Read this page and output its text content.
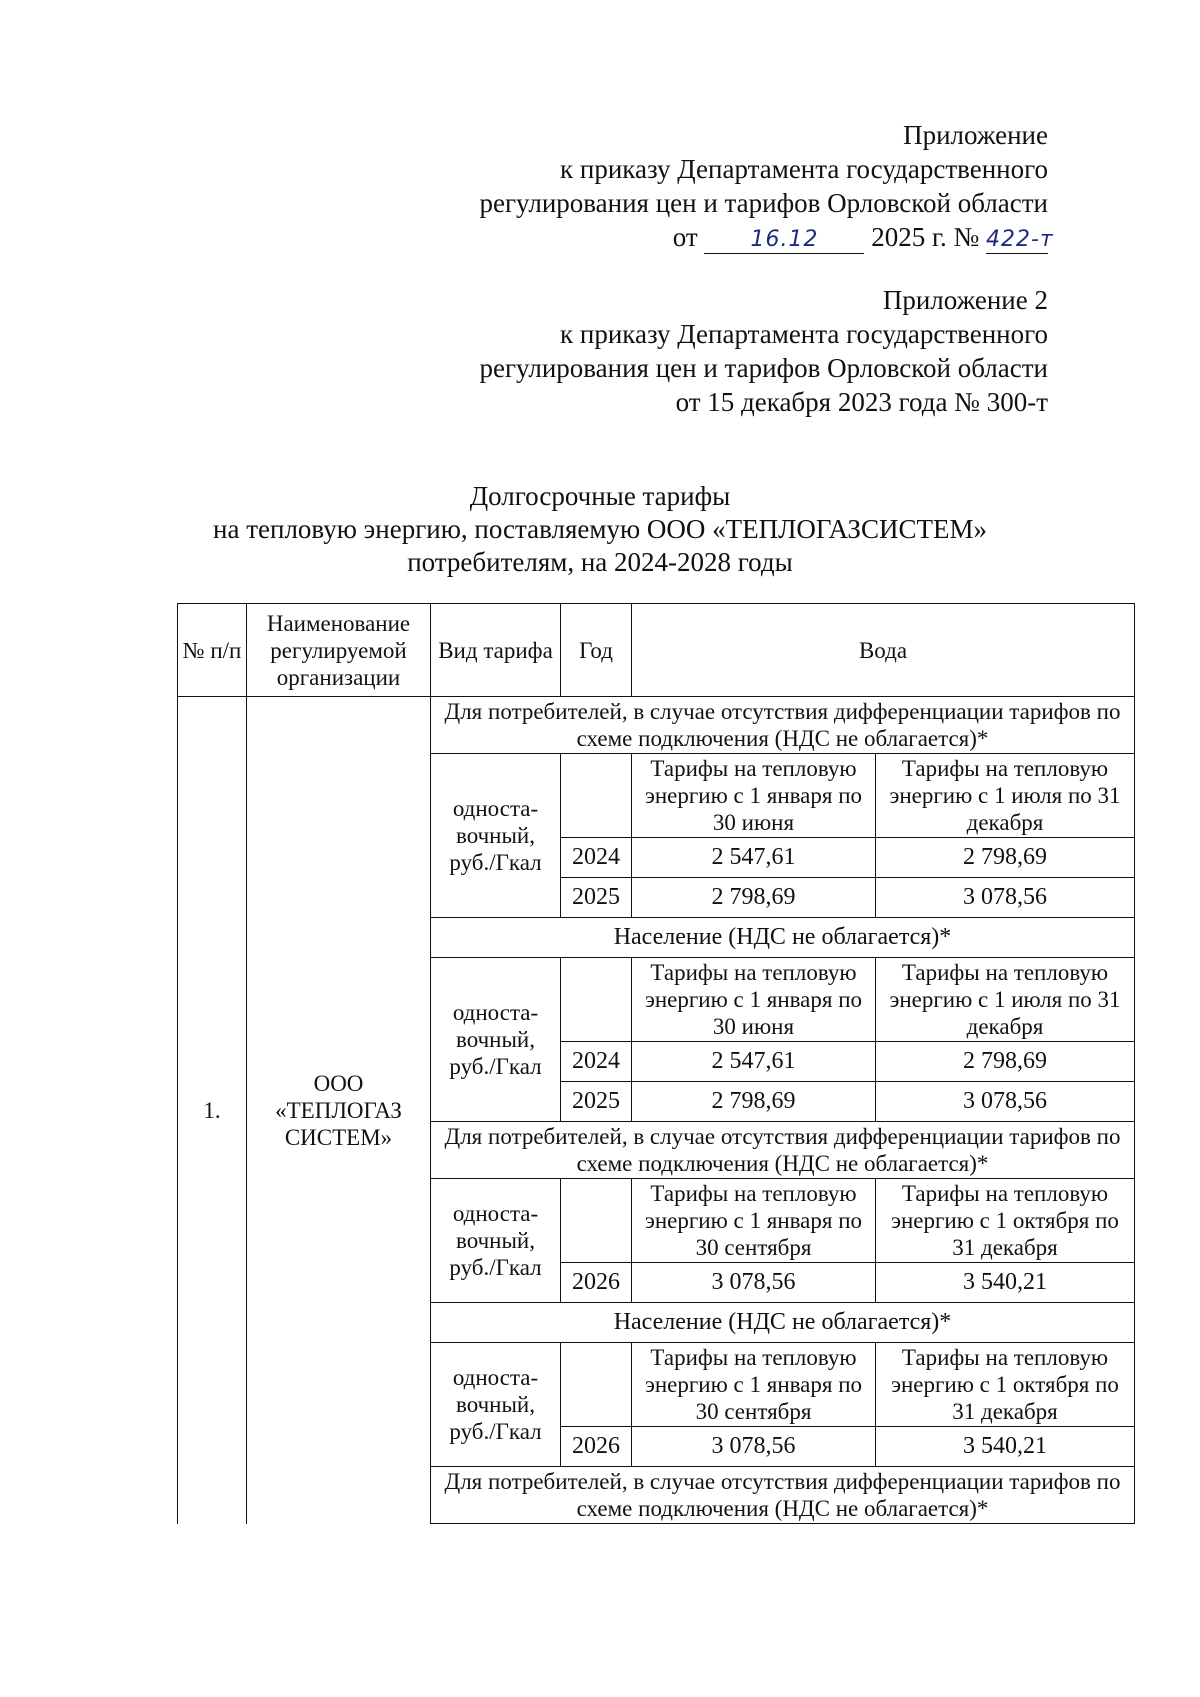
Приложение
к приказу Департамента государственного
регулирования цен и тарифов Орловской области
от 16.12 2025 г. № 422-т
Приложение 2
к приказу Департамента государственного
регулирования цен и тарифов Орловской области
от 15 декабря 2023 года № 300-т
Долгосрочные тарифы
на тепловую энергию, поставляемую ООО «ТЕПЛОГАЗСИСТЕМ»
потребителям, на 2024-2028 годы
№ п/п	Наименование регулируемой организации	Вид тарифа	Год	Вода	
1.	ООО «ТЕПЛОГАЗ СИСТЕМ»	Для потребителей, в случае отсутствия дифференциации тарифов по схеме подключения (НДС не облагается)*			
		односта-вочный, руб./Гкал		Тарифы на тепловую энергию с 1 января по 30 июня	Тарифы на тепловую энергию с 1 июля по 31 декабря
			2024	2 547,61	2 798,69
			2025	2 798,69	3 078,56
		Население (НДС не облагается)*			
		односта-вочный, руб./Гкал		Тарифы на тепловую энергию с 1 января по 30 июня	Тарифы на тепловую энергию с 1 июля по 31 декабря
			2024	2 547,61	2 798,69
			2025	2 798,69	3 078,56
		Для потребителей, в случае отсутствия дифференциации тарифов по схеме подключения (НДС не облагается)*			
		односта-вочный, руб./Гкал		Тарифы на тепловую энергию с 1 января по 30 сентября	Тарифы на тепловую энергию с 1 октября по 31 декабря
			2026	3 078,56	3 540,21
		Население (НДС не облагается)*			
		односта-вочный, руб./Гкал		Тарифы на тепловую энергию с 1 января по 30 сентября	Тарифы на тепловую энергию с 1 октября по 31 декабря
			2026	3 078,56	3 540,21
		Для потребителей, в случае отсутствия дифференциации тарифов по схеме подключения (НДС не облагается)*			
